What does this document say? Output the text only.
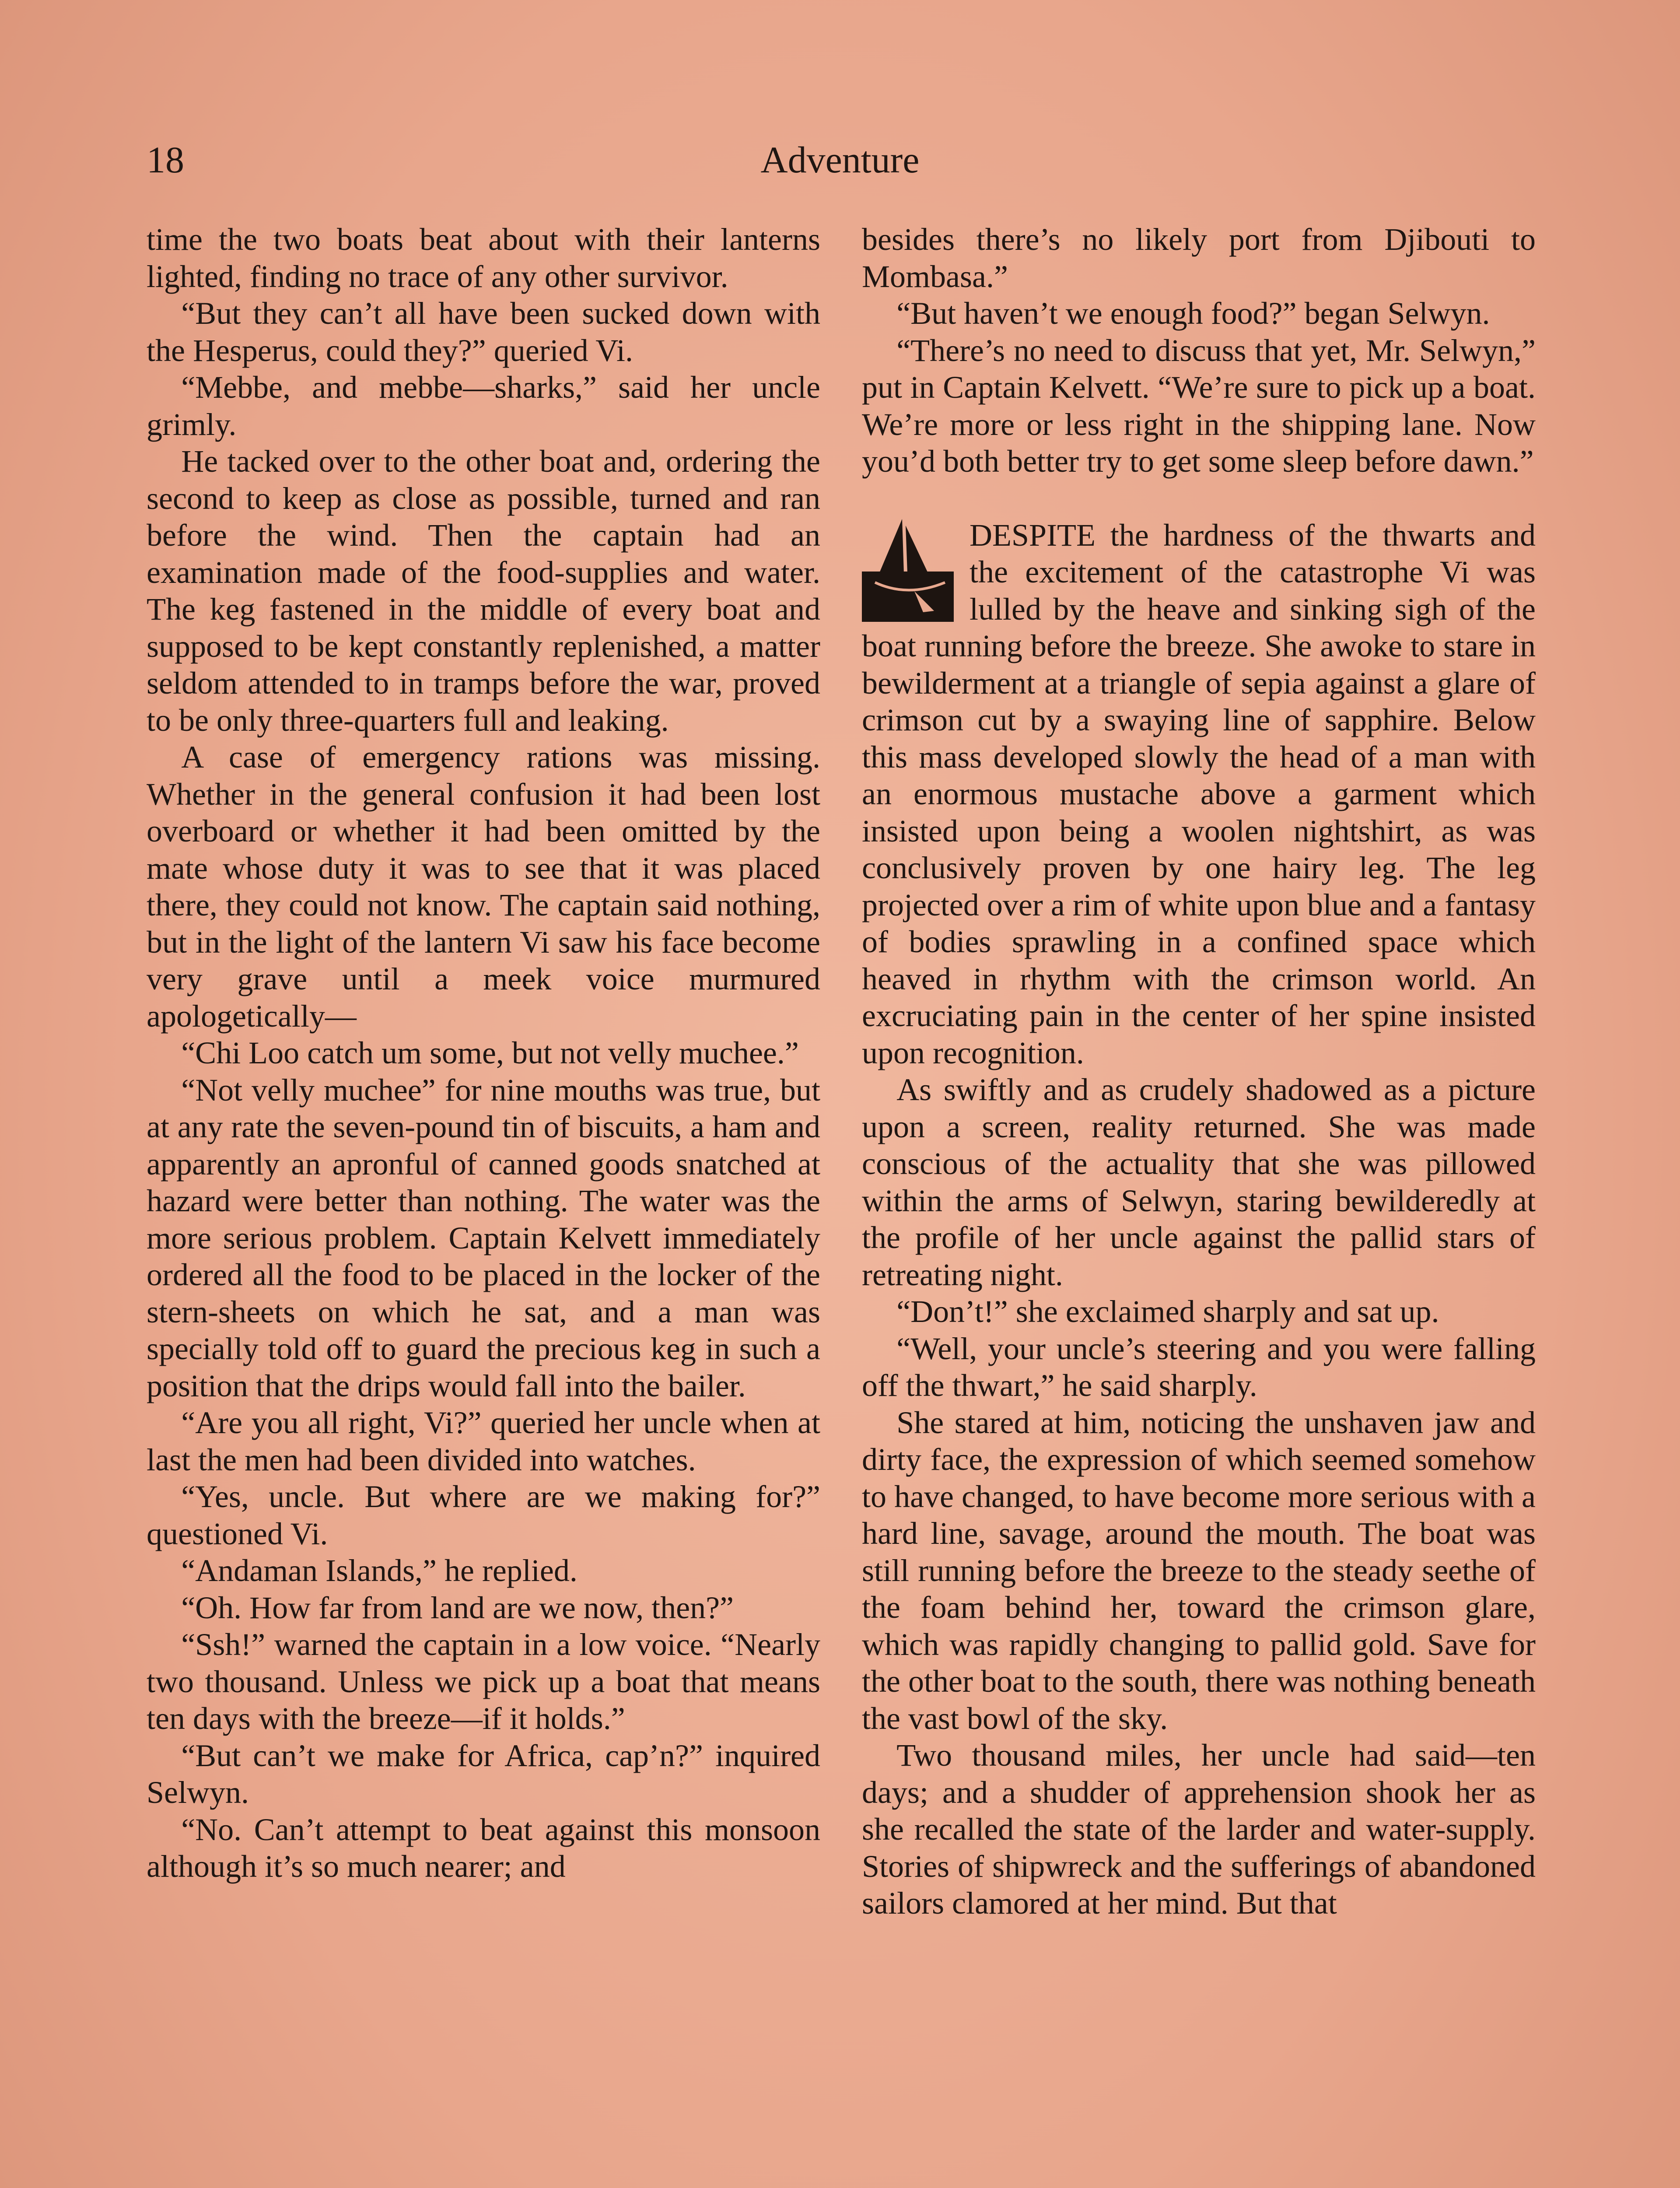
18	Adventure

time the two boats beat about with their lanterns lighted, finding no trace of any other survivor.

“But they can’t all have been sucked down with the Hesperus, could they?” queried Vi.

“Mebbe, and mebbe—sharks,” said her uncle grimly.

He tacked over to the other boat and, ordering the second to keep as close as possible, turned and ran before the wind. Then the captain had an examination made of the food-supplies and water. The keg fastened in the middle of every boat and supposed to be kept constantly replenished, a matter seldom attended to in tramps before the war, proved to be only three-quarters full and leaking.

A case of emergency rations was missing. Whether in the general confusion it had been lost overboard or whether it had been omitted by the mate whose duty it was to see that it was placed there, they could not know. The captain said nothing, but in the light of the lantern Vi saw his face become very grave until a meek voice murmured apologetically—

“Chi Loo catch um some, but not velly muchee.”

“Not velly muchee” for nine mouths was true, but at any rate the seven-pound tin of biscuits, a ham and apparently an apronful of canned goods snatched at hazard were better than nothing. The water was the more serious problem. Captain Kelvett immediately ordered all the food to be placed in the locker of the stern-sheets on which he sat, and a man was specially told off to guard the precious keg in such a position that the drips would fall into the bailer.

“Are you all right, Vi?” queried her uncle when at last the men had been divided into watches.

“Yes, uncle. But where are we making for?” questioned Vi.

“Andaman Islands,” he replied.

“Oh. How far from land are we now, then?”

“Ssh!” warned the captain in a low voice. “Nearly two thousand. Unless we pick up a boat that means ten days with the breeze—if it holds.”

“But can’t we make for Africa, cap’n?” inquired Selwyn.

“No. Can’t attempt to beat against this monsoon although it’s so much nearer; and

besides there’s no likely port from Djibouti to Mombasa.”

“But haven’t we enough food?” began Selwyn.

“There’s no need to discuss that yet, Mr. Selwyn,” put in Captain Kelvett. “We’re sure to pick up a boat. We’re more or less right in the shipping lane. Now you’d both better try to get some sleep before dawn.”

DESPITE the hardness of the thwarts and the excitement of the catastrophe Vi was lulled by the heave and sinking sigh of the boat running before the breeze. She awoke to stare in bewilderment at a triangle of sepia against a glare of crimson cut by a swaying line of sapphire. Below this mass developed slowly the head of a man with an enormous mustache above a garment which insisted upon being a woolen nightshirt, as was conclusively proven by one hairy leg. The leg projected over a rim of white upon blue and a fantasy of bodies sprawling in a confined space which heaved in rhythm with the crimson world. An excruciating pain in the center of her spine insisted upon recognition.

As swiftly and as crudely shadowed as a picture upon a screen, reality returned. She was made conscious of the actuality that she was pillowed within the arms of Selwyn, staring bewilderedly at the profile of her uncle against the pallid stars of retreating night.

“Don’t!” she exclaimed sharply and sat up.

“Well, your uncle’s steering and you were falling off the thwart,” he said sharply.

She stared at him, noticing the unshaven jaw and dirty face, the expression of which seemed somehow to have changed, to have become more serious with a hard line, savage, around the mouth. The boat was still running before the breeze to the steady seethe of the foam behind her, toward the crimson glare, which was rapidly changing to pallid gold. Save for the other boat to the south, there was nothing beneath the vast bowl of the sky.

Two thousand miles, her uncle had said—ten days; and a shudder of apprehension shook her as she recalled the state of the larder and water-supply. Stories of shipwreck and the sufferings of abandoned sailors clamored at her mind. But that
